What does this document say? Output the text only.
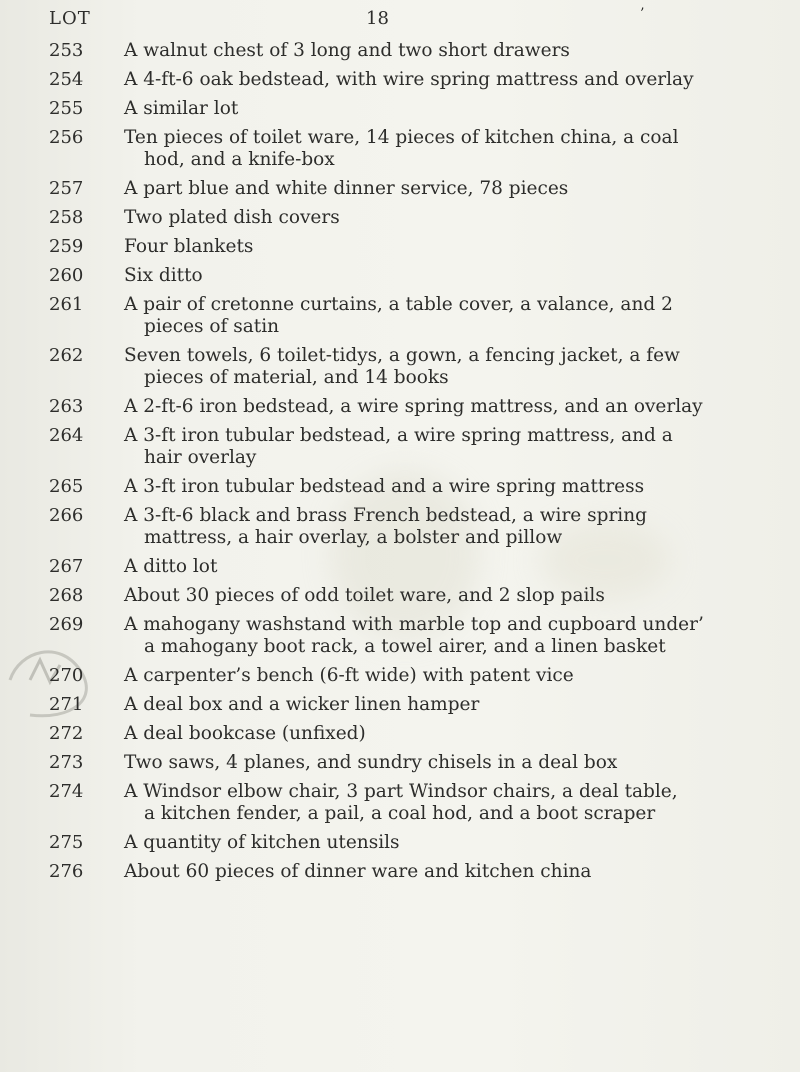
LOT	18	’
253	A walnut chest of 3 long and two short drawers
254	A 4-ft-6 oak bedstead, with wire spring mattress and overlay
255	A similar lot
256	Ten pieces of toilet ware, 14 pieces of kitchen china, a coal
hod, and a knife-box
257	A part blue and white dinner service, 78 pieces
258	Two plated dish covers
259	Four blankets
260	Six ditto
261	A pair of cretonne curtains, a table cover, a valance, and 2
pieces of satin
262	Seven towels, 6 toilet-tidys, a gown, a fencing jacket, a few
pieces of material, and 14 books
263	A 2-ft-6 iron bedstead, a wire spring mattress, and an overlay
264	A 3-ft iron tubular bedstead, a wire spring mattress, and a
hair overlay
265	A 3-ft iron tubular bedstead and a wire spring mattress
266	A 3-ft-6 black and brass French bedstead, a wire spring
mattress, a hair overlay, a bolster and pillow
267	A ditto lot
268	About 30 pieces of odd toilet ware, and 2 slop pails
269	A mahogany washstand with marble top and cupboard under’
a mahogany boot rack, a towel airer, and a linen basket
270	A carpenter’s bench (6-ft wide) with patent vice
271	A deal box and a wicker linen hamper
272	A deal bookcase (unfixed)
273	Two saws, 4 planes, and sundry chisels in a deal box
274	A Windsor elbow chair, 3 part Windsor chairs, a deal table,
a kitchen fender, a pail, a coal hod, and a boot scraper
275	A quantity of kitchen utensils
276	About 60 pieces of dinner ware and kitchen china
